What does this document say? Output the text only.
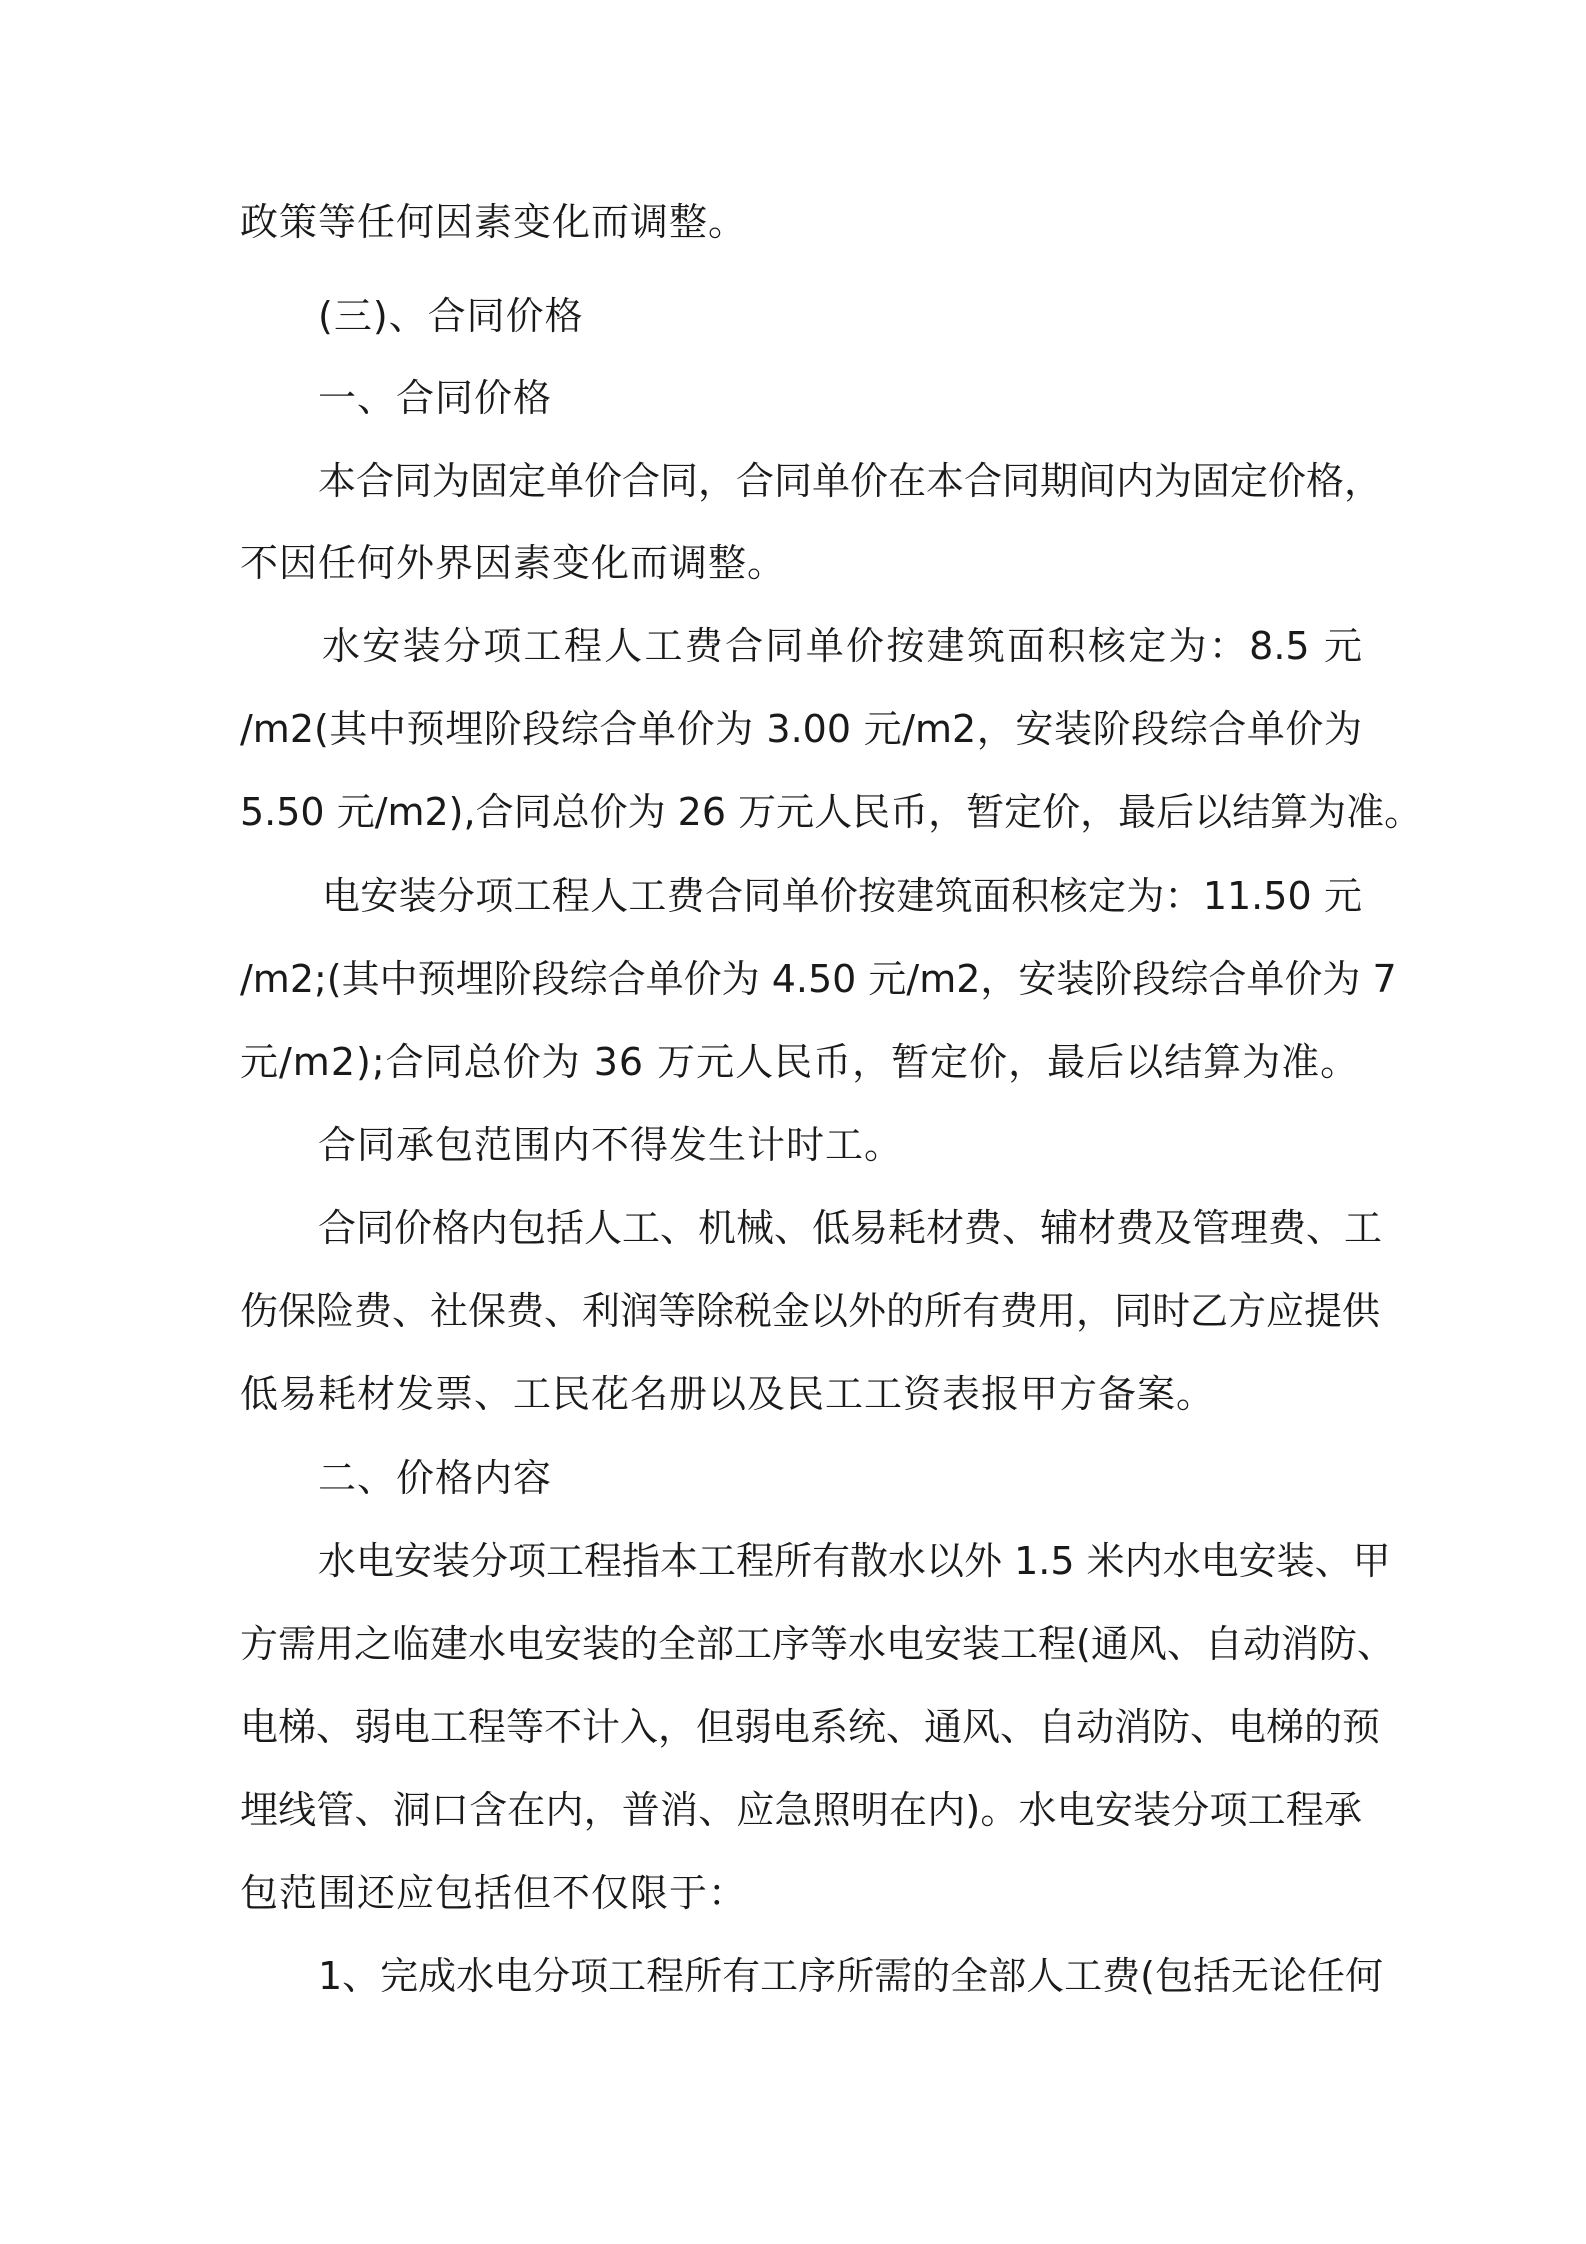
政策等任何因素变化而调整。
(三)、合同价格
一、合同价格
本合同为固定单价合同，合同单价在本合同期间内为固定价格，
不因任何外界因素变化而调整。
水安装分项工程人工费合同单价按建筑面积核定为：8.5 元
/m2(其中预埋阶段综合单价为 3.00 元/m2，安装阶段综合单价为
5.50 元/m2),合同总价为 26 万元人民币，暂定价，最后以结算为准。
电安装分项工程人工费合同单价按建筑面积核定为：11.50 元
/m2;(其中预埋阶段综合单价为 4.50 元/m2，安装阶段综合单价为 7
元/m2);合同总价为 36 万元人民币，暂定价，最后以结算为准。
合同承包范围内不得发生计时工。
合同价格内包括人工、机械、低易耗材费、辅材费及管理费、工
伤保险费、社保费、利润等除税金以外的所有费用，同时乙方应提供
低易耗材发票、工民花名册以及民工工资表报甲方备案。
二、价格内容
水电安装分项工程指本工程所有散水以外 1.5 米内水电安装、甲
方需用之临建水电安装的全部工序等水电安装工程(通风、自动消防、
电梯、弱电工程等不计入，但弱电系统、通风、自动消防、电梯的预
埋线管、洞口含在内，普消、应急照明在内)。水电安装分项工程承
包范围还应包括但不仅限于：
1、完成水电分项工程所有工序所需的全部人工费(包括无论任何
